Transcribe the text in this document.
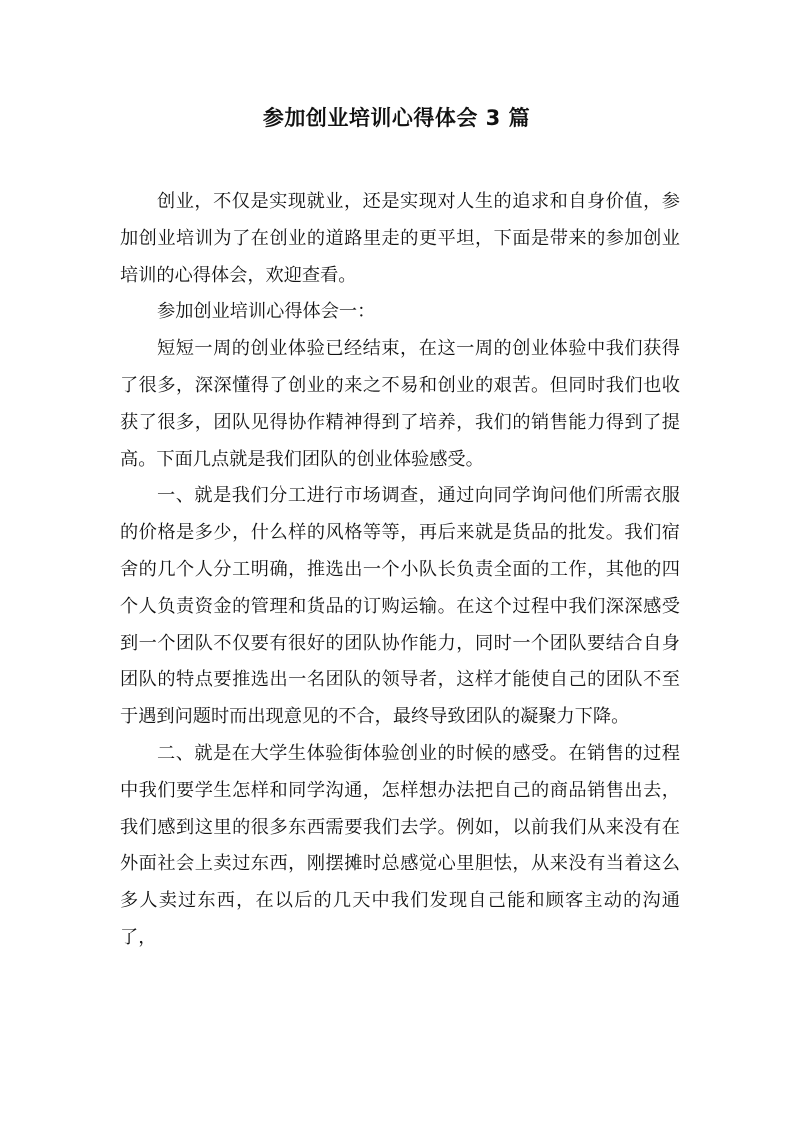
参加创业培训心得体会 3 篇

创业，不仅是实现就业，还是实现对人生的追求和自身价值，参加创业培训为了在创业的道路里走的更平坦，下面是带来的参加创业培训的心得体会，欢迎查看。

参加创业培训心得体会一：

短短一周的创业体验已经结束，在这一周的创业体验中我们获得了很多，深深懂得了创业的来之不易和创业的艰苦。但同时我们也收获了很多，团队见得协作精神得到了培养，我们的销售能力得到了提高。下面几点就是我们团队的创业体验感受。

一、就是我们分工进行市场调查，通过向同学询问他们所需衣服的价格是多少，什么样的风格等等，再后来就是货品的批发。我们宿舍的几个人分工明确，推选出一个小队长负责全面的工作，其他的四个人负责资金的管理和货品的订购运输。在这个过程中我们深深感受到一个团队不仅要有很好的团队协作能力，同时一个团队要结合自身团队的特点要推选出一名团队的领导者，这样才能使自己的团队不至于遇到问题时而出现意见的不合，最终导致团队的凝聚力下降。

二、就是在大学生体验街体验创业的时候的感受。在销售的过程中我们要学生怎样和同学沟通，怎样想办法把自己的商品销售出去，我们感到这里的很多东西需要我们去学。例如，以前我们从来没有在外面社会上卖过东西，刚摆摊时总感觉心里胆怯，从来没有当着这么多人卖过东西，在以后的几天中我们发现自己能和顾客主动的沟通了，
